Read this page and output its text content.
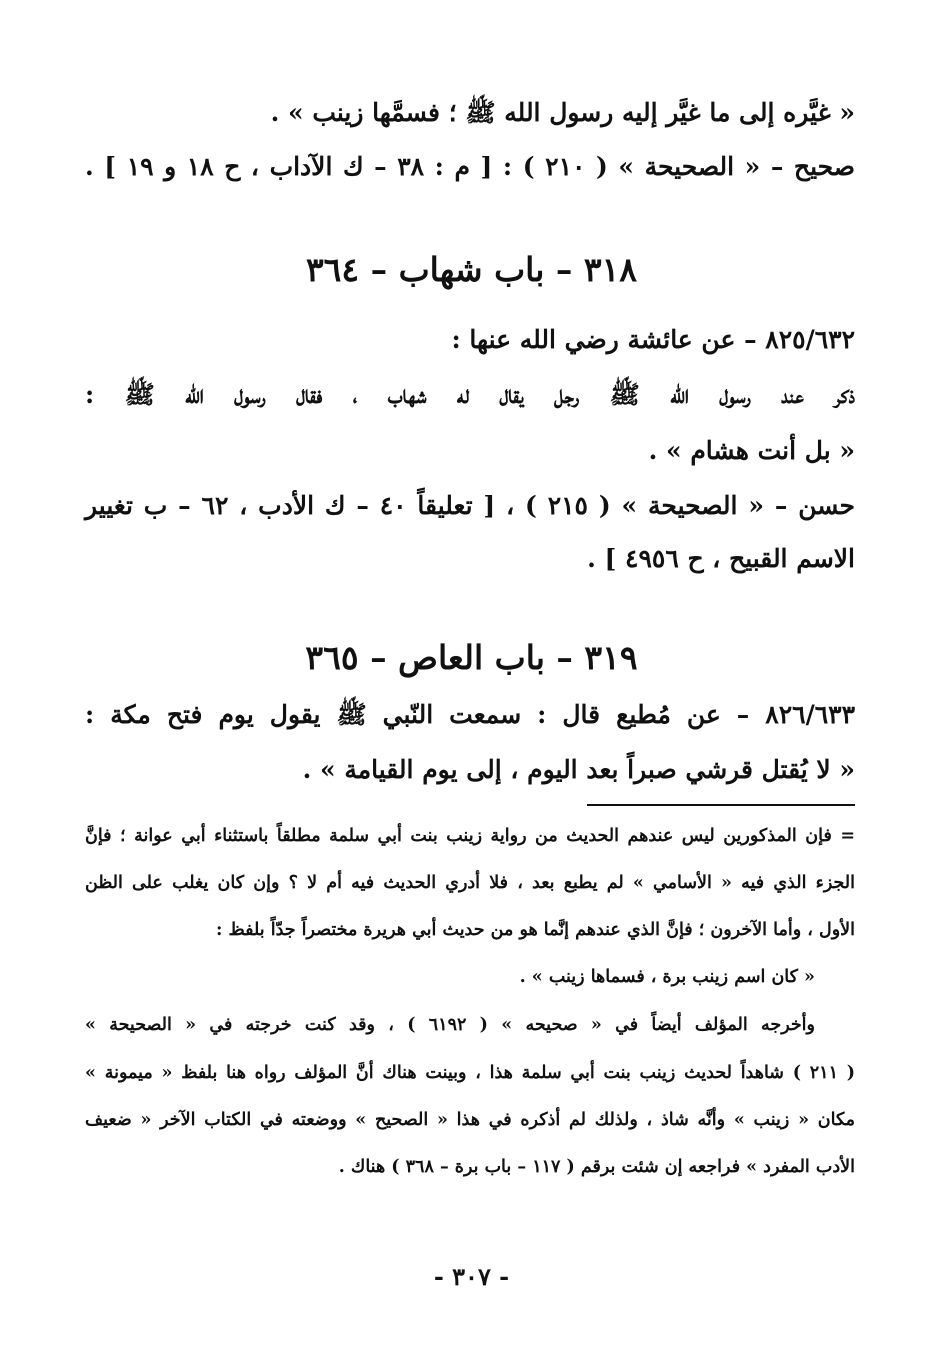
« غيَّره إلى ما غيَّر إليه رسول الله ﷺ ؛ فسمَّها زينب » .
صحيح – « الصحيحة » ( ٢١٠ ) : [ م : ٣٨ – ك الآداب ، ح ١٨ و ١٩ ] .
٣١٨ – باب شهاب – ٣٦٤
٨٢٥/٦٣٢ – عن عائشة رضي الله عنها :
ذكر عند رسول الله ﷺ رجل يقال له شهاب ، فقال رسول الله ﷺ :
« بل أنت هشام » .
حسن – « الصحيحة » ( ٢١٥ ) ، [ تعليقاً ٤٠ – ك الأدب ، ٦٢ – ب تغيير
الاسم القبيح ، ح ٤٩٥٦ ] .
٣١٩ – باب العاص – ٣٦٥
٨٢٦/٦٣٣ – عن مُطيع قال : سمعت النّبي ﷺ يقول يوم فتح مكة :
« لا يُقتل قرشي صبراً بعد اليوم ، إلى يوم القيامة » .
= فإن المذكورين ليس عندهم الحديث من رواية زينب بنت أبي سلمة مطلقاً باستثناء أبي عوانة ؛ فإنَّ
الجزء الذي فيه « الأسامي » لم يطبع بعد ، فلا أدري الحديث فيه أم لا ؟ وإن كان يغلب على الظن
الأول ، وأما الآخرون ؛ فإنَّ الذي عندهم إنَّما هو من حديث أبي هريرة مختصراً جدّاً بلفظ :
« كان اسم زينب برة ، فسماها زينب » .
وأخرجه المؤلف أيضاً في « صحيحه » ( ٦١٩٢ ) ، وقد كنت خرجته في « الصحيحة »
( ٢١١ ) شاهداً لحديث زينب بنت أبي سلمة هذا ، وبينت هناك أنَّ المؤلف رواه هنا بلفظ « ميمونة »
مكان « زينب » وأنَّه شاذ ، ولذلك لم أذكره في هذا « الصحيح » ووضعته في الكتاب الآخر « ضعيف
الأدب المفرد » فراجعه إن شئت برقم ( ١١٧ – باب برة – ٣٦٨ ) هناك .
- ٣٠٧ -
